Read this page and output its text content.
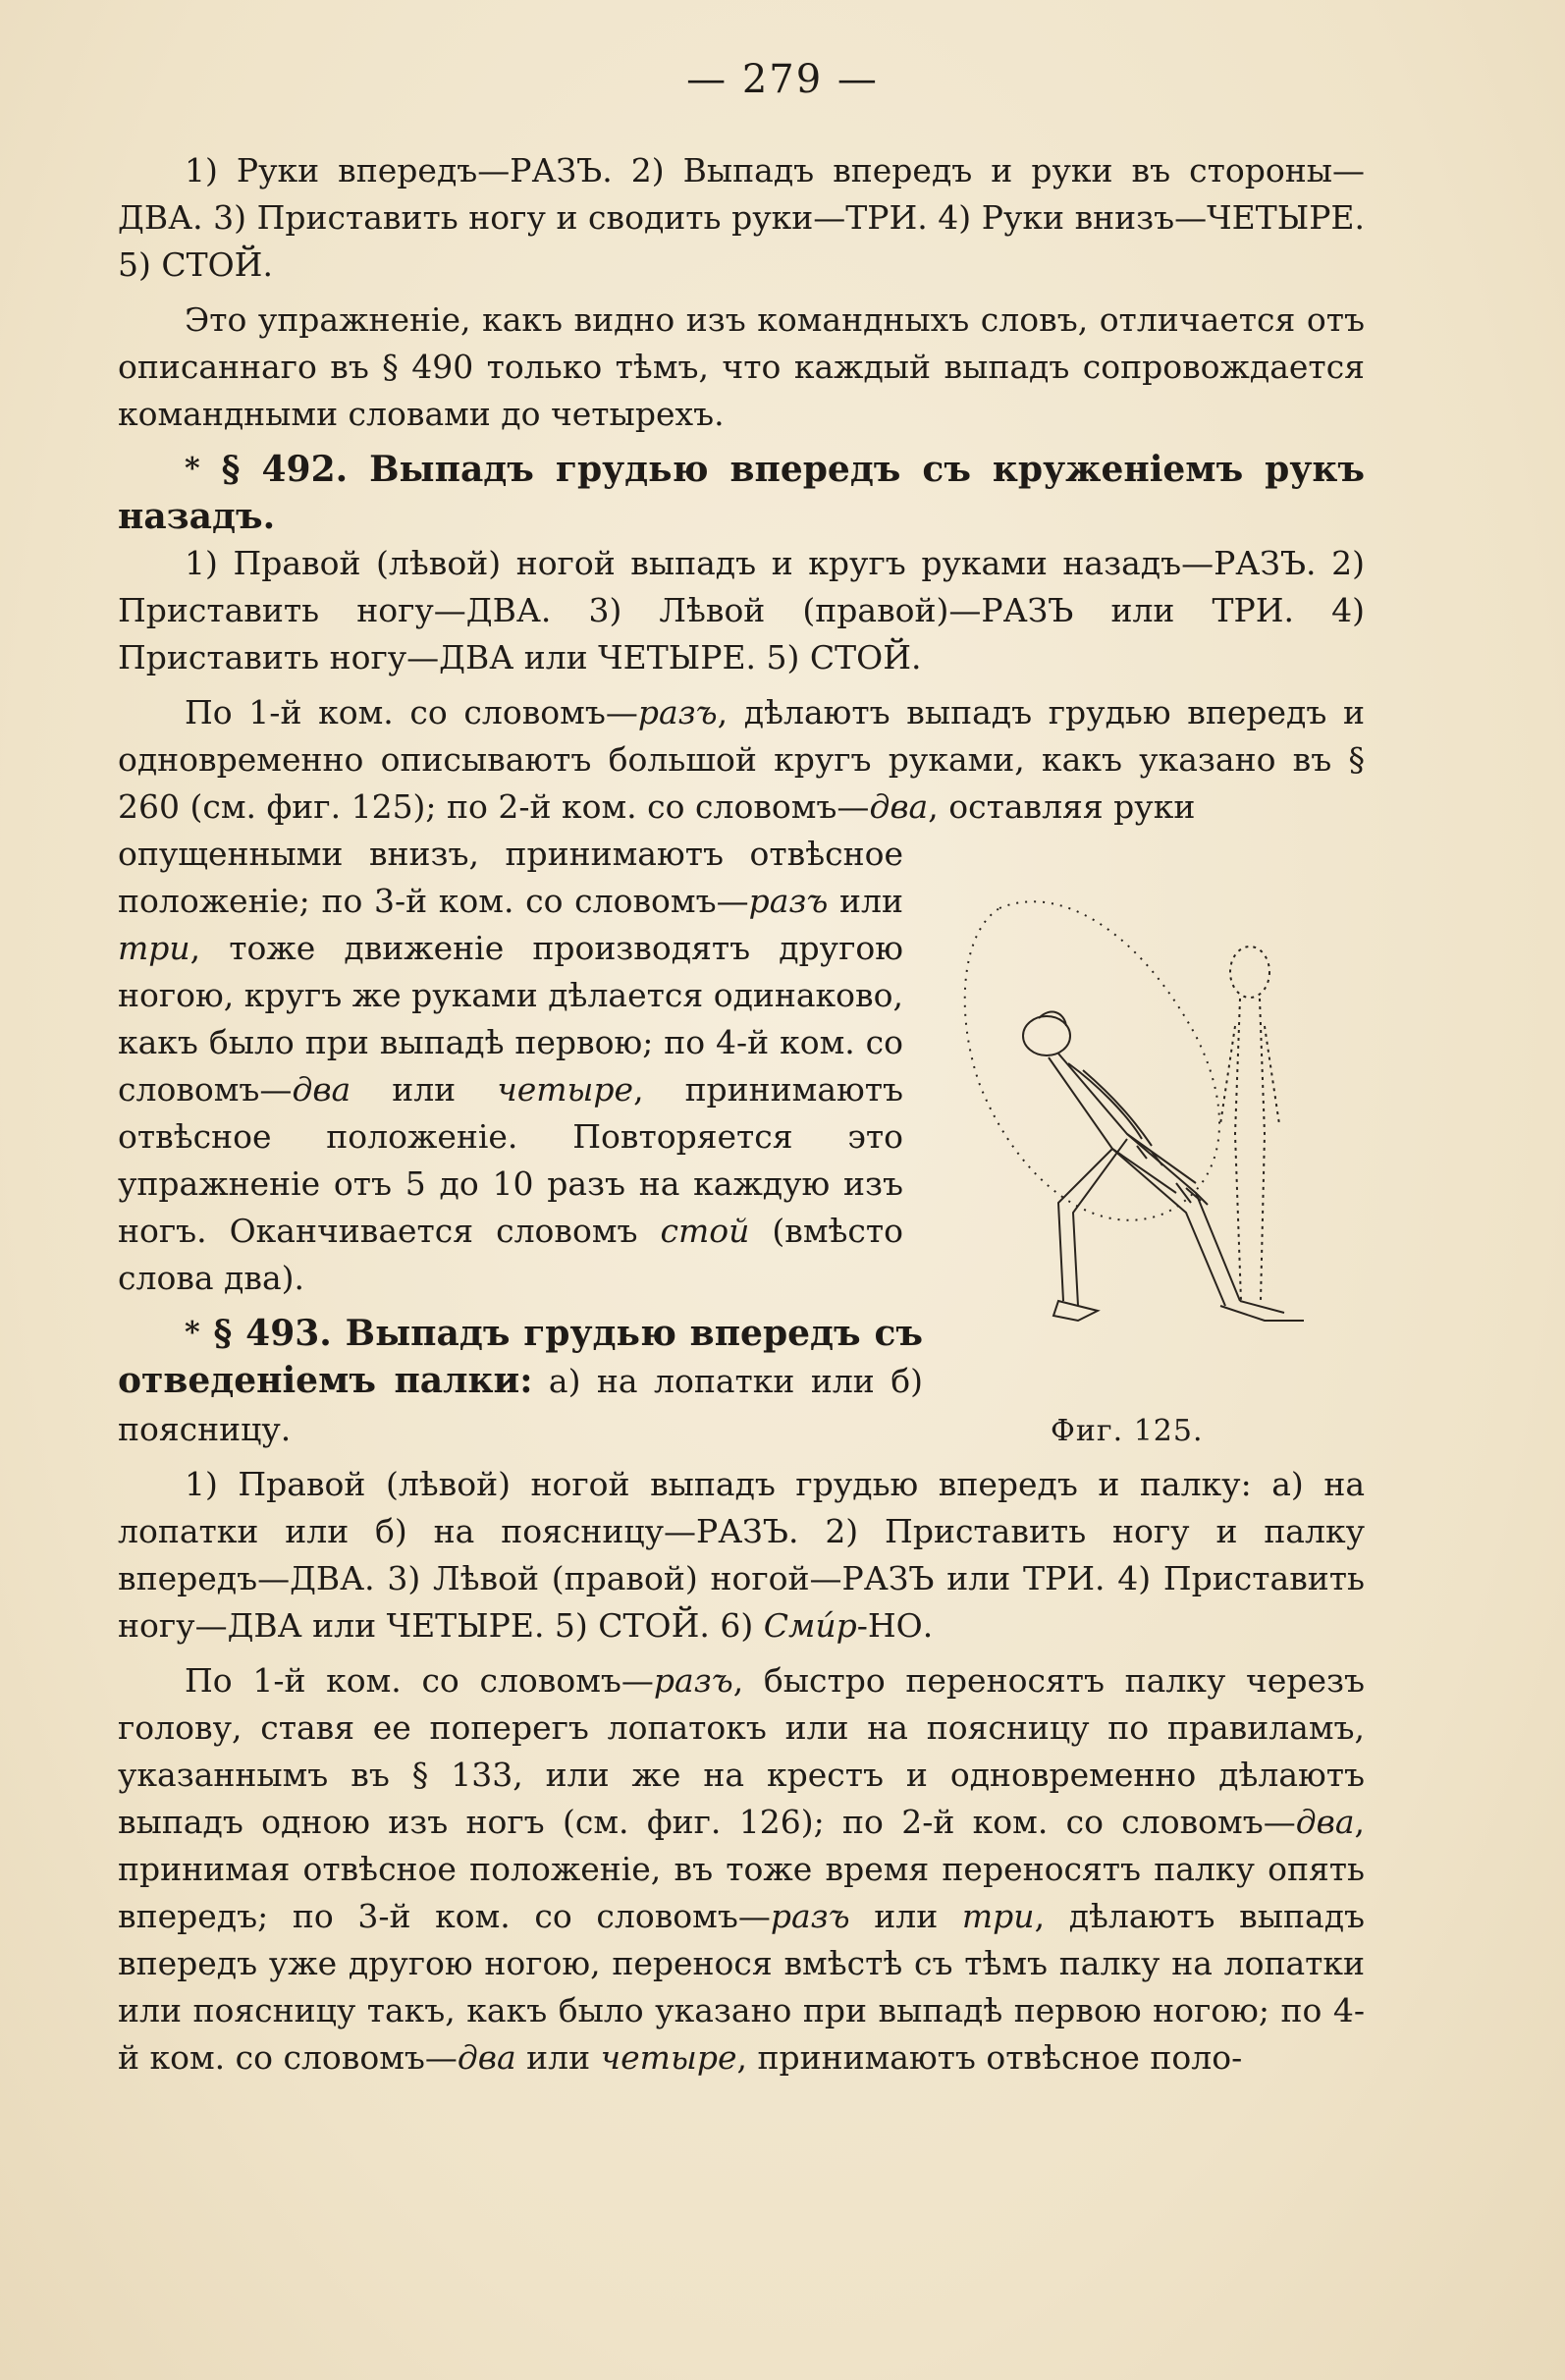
— 279 —

1) Руки впередъ—РАЗЪ. 2) Выпадъ впередъ и руки въ стороны—ДВА. 3) Приставить ногу и сводить руки—ТРИ. 4) Руки внизъ—ЧЕТЫРЕ. 5) СТОЙ.

Это упражненіе, какъ видно изъ командныхъ словъ, отличается отъ описаннаго въ § 490 только тѣмъ, что каждый выпадъ сопровождается командными словами до четырехъ.

* § 492. Выпадъ грудью впередъ съ круженіемъ рукъ назадъ.

1) Правой (лѣвой) ногой выпадъ и кругъ руками назадъ—РАЗЪ. 2) Приставить ногу—ДВА. 3) Лѣвой (правой)—РАЗЪ или ТРИ. 4) Приставить ногу—ДВА или ЧЕТЫРЕ. 5) СТОЙ.

По 1-й ком. со словомъ—разъ, дѣлаютъ выпадъ грудью впередъ и одновременно описываютъ большой кругъ руками, какъ указано въ § 260 (см. фиг. 125); по 2-й ком. со словомъ—два, оставляя руки

опущенными внизъ, принимаютъ отвѣсное положеніе; по 3-й ком. со словомъ—разъ или три, тоже движеніе производятъ другою ногою, кругъ же руками дѣлается одинаково, какъ было при выпадѣ первою; по 4-й ком. со словомъ—два или четыре, принимаютъ отвѣсное положеніе. Повторяется это упражненіе отъ 5 до 10 разъ на каждую изъ ногъ. Оканчивается словомъ стой (вмѣсто слова два).

* § 493. Выпадъ грудью впередъ съ отведеніемъ палки: а) на лопатки или б) поясницу.

1) Правой (лѣвой) ногой выпадъ грудью впередъ и палку: а) на лопатки или б) на поясницу—РАЗЪ. 2) Приставить ногу и палку впередъ—ДВА. 3) Лѣвой (правой) ногой—РАЗЪ или ТРИ. 4) Приставить ногу—ДВА или ЧЕТЫРЕ. 5) СТОЙ. 6) Смúр-НО.

По 1-й ком. со словомъ—разъ, быстро переносятъ палку черезъ голову, ставя ее поперегъ лопатокъ или на поясницу по правиламъ, указаннымъ въ § 133, или же на крестъ и одновременно дѣлаютъ выпадъ одною изъ ногъ (см. фиг. 126); по 2-й ком. со словомъ—два, принимая отвѣсное положеніе, въ тоже время переносятъ палку опять впередъ; по 3-й ком. со словомъ—разъ или три, дѣлаютъ выпадъ впередъ уже другою ногою, перенося вмѣстѣ съ тѣмъ палку на лопатки или поясницу такъ, какъ было указано при выпадѣ первою ногою; по 4-й ком. со словомъ—два или четыре, принимаютъ отвѣсное поло-

Фиг. 125.
